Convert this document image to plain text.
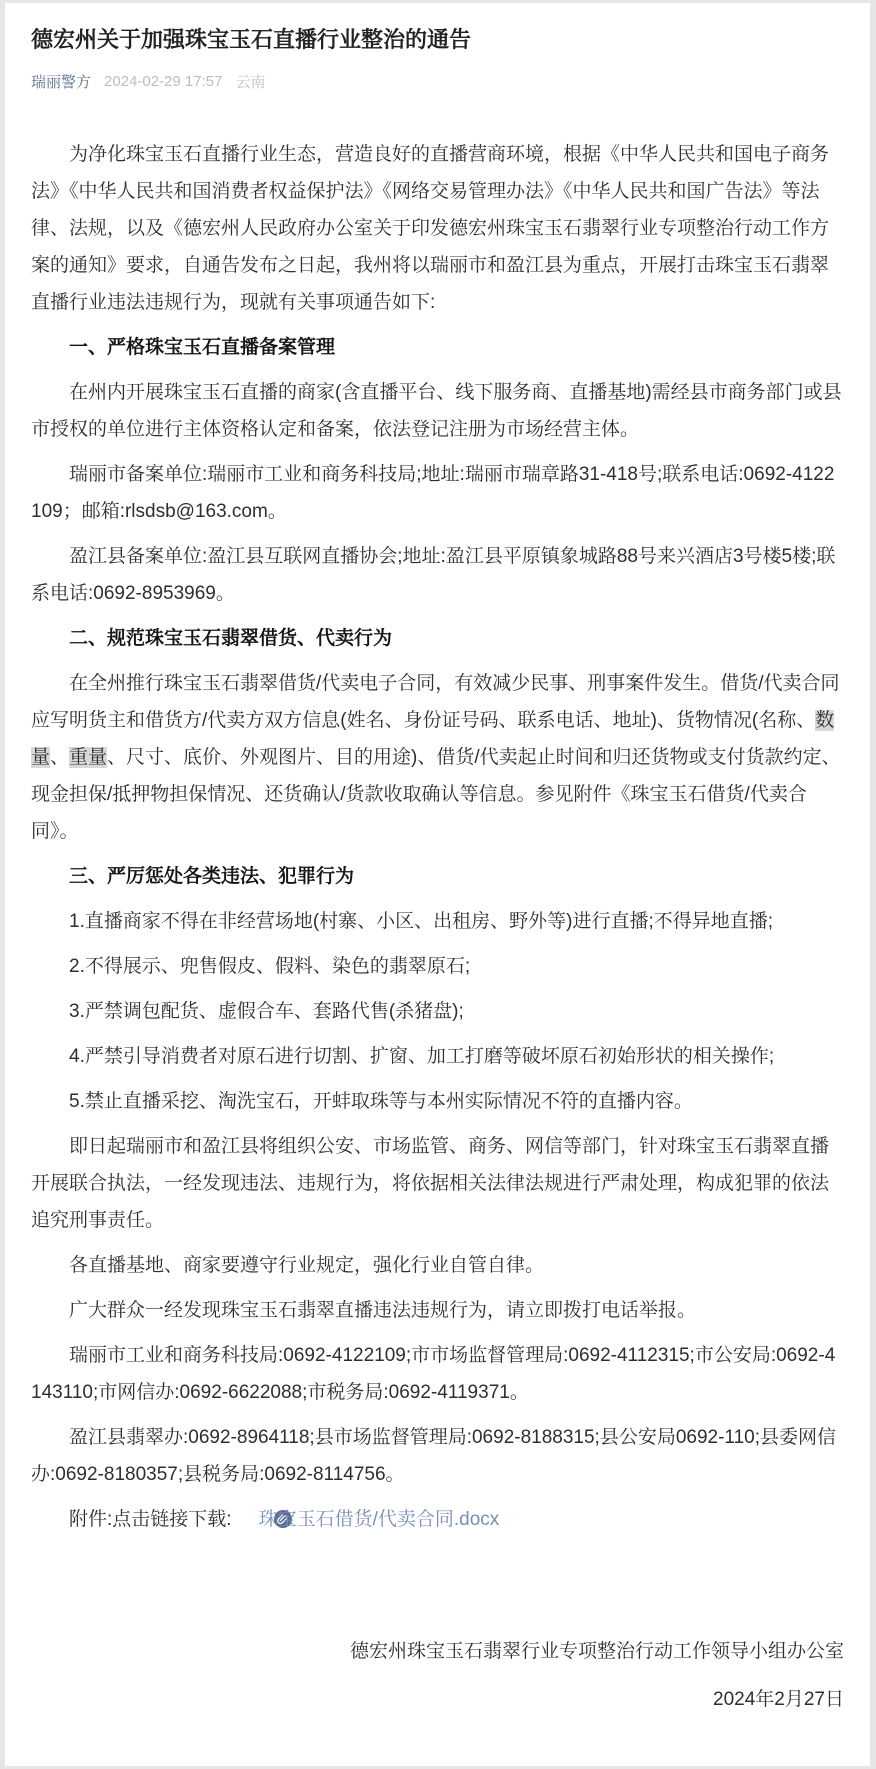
德宏州关于加强珠宝玉石直播行业整治的通告
瑞丽警方 2024-02-29 17:57 云南

为净化珠宝玉石直播行业生态，营造良好的直播营商环境，根据《中华人民共和国电子商务法》《中华人民共和国消费者权益保护法》《网络交易管理办法》《中华人民共和国广告法》等法律、法规，以及《德宏州人民政府办公室关于印发德宏州珠宝玉石翡翠行业专项整治行动工作方案的通知》要求，自通告发布之日起，我州将以瑞丽市和盈江县为重点，开展打击珠宝玉石翡翠直播行业违法违规行为，现就有关事项通告如下:

一、严格珠宝玉石直播备案管理

在州内开展珠宝玉石直播的商家(含直播平台、线下服务商、直播基地)需经县市商务部门或县市授权的单位进行主体资格认定和备案，依法登记注册为市场经营主体。

瑞丽市备案单位:瑞丽市工业和商务科技局;地址:瑞丽市瑞章路31-418号;联系电话:0692-4122109；邮箱:rlsdsb@163.com。

盈江县备案单位:盈江县互联网直播协会;地址:盈江县平原镇象城路88号来兴酒店3号楼5楼;联系电话:0692-8953969。

二、规范珠宝玉石翡翠借货、代卖行为

在全州推行珠宝玉石翡翠借货/代卖电子合同，有效减少民事、刑事案件发生。借货/代卖合同应写明货主和借货方/代卖方双方信息(姓名、身份证号码、联系电话、地址)、货物情况(名称、数量、重量、尺寸、底价、外观图片、目的用途)、借货/代卖起止时间和归还货物或支付货款约定、现金担保/抵押物担保情况、还货确认/货款收取确认等信息。参见附件《珠宝玉石借货/代卖合同》。

三、严厉惩处各类违法、犯罪行为

1.直播商家不得在非经营场地(村寨、小区、出租房、野外等)进行直播;不得异地直播;

2.不得展示、兜售假皮、假料、染色的翡翠原石;

3.严禁调包配货、虚假合车、套路代售(杀猪盘);

4.严禁引导消费者对原石进行切割、扩窗、加工打磨等破坏原石初始形状的相关操作;

5.禁止直播采挖、淘洗宝石，开蚌取珠等与本州实际情况不符的直播内容。

即日起瑞丽市和盈江县将组织公安、市场监管、商务、网信等部门，针对珠宝玉石翡翠直播开展联合执法，一经发现违法、违规行为，将依据相关法律法规进行严肃处理，构成犯罪的依法追究刑事责任。

各直播基地、商家要遵守行业规定，强化行业自管自律。

广大群众一经发现珠宝玉石翡翠直播违法违规行为，请立即拨打电话举报。

瑞丽市工业和商务科技局:0692-4122109;市市场监督管理局:0692-4112315;市公安局:0692-4143110;市网信办:0692-6622088;市税务局:0692-4119371。

盈江县翡翠办:0692-8964118;县市场监督管理局:0692-8188315;县公安局0692-110;县委网信办:0692-8180357;县税务局:0692-8114756。

附件:点击链接下载: 珠宝玉石借货/代卖合同.docx

德宏州珠宝玉石翡翠行业专项整治行动工作领导小组办公室

2024年2月27日
